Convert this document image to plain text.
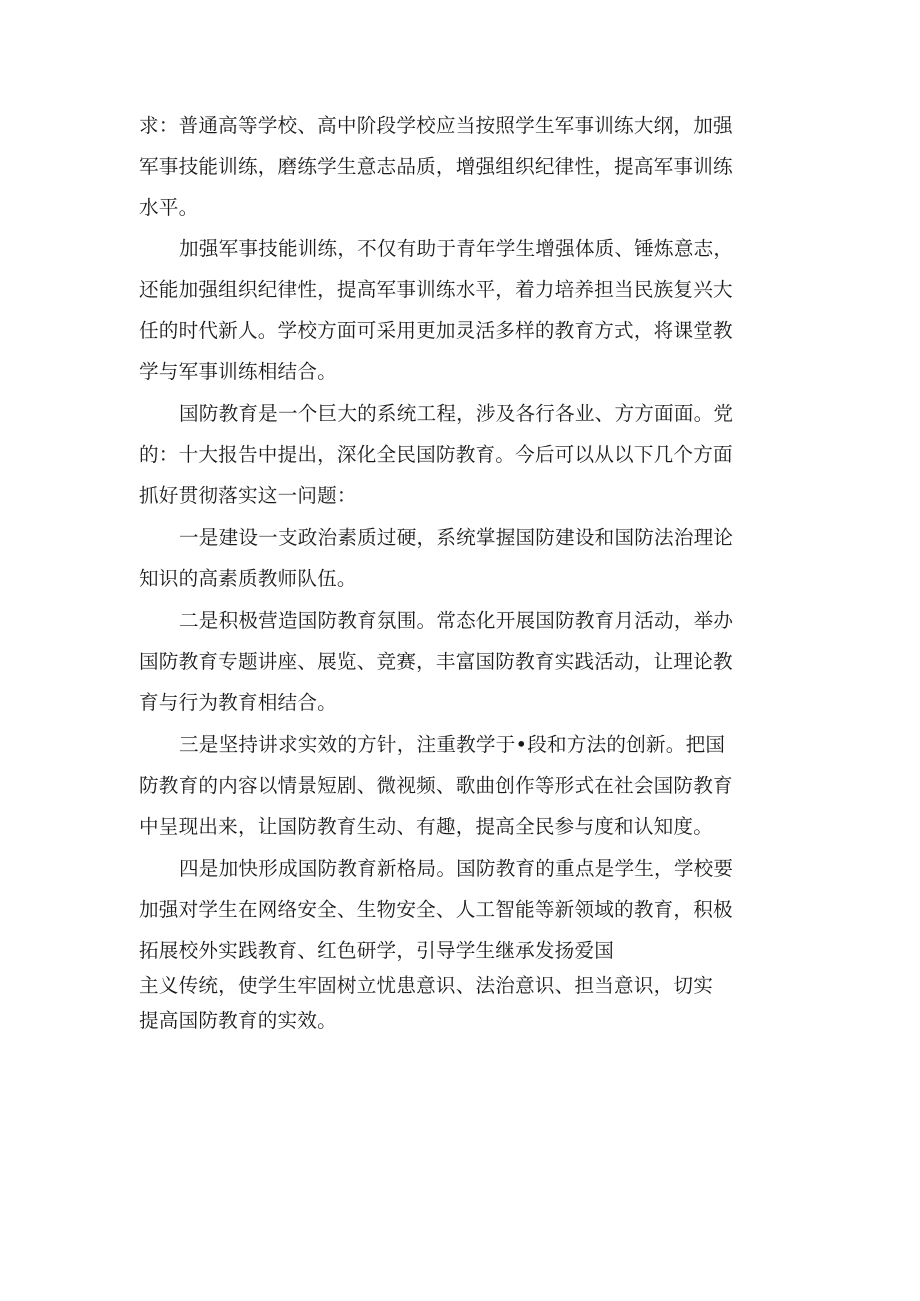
求：普通高等学校、高中阶段学校应当按照学生军事训练大纲，加强

军事技能训练，磨练学生意志品质，增强组织纪律性，提高军事训练

水平。

加强军事技能训练，不仅有助于青年学生增强体质、锤炼意志，

还能加强组织纪律性，提高军事训练水平，着力培养担当民族复兴大

任的时代新人。学校方面可采用更加灵活多样的教育方式，将课堂教

学与军事训练相结合。

国防教育是一个巨大的系统工程，涉及各行各业、方方面面。党

的：十大报告中提出，深化全民国防教育。今后可以从以下几个方面

抓好贯彻落实这一问题：

一是建设一支政治素质过硬，系统掌握国防建设和国防法治理论

知识的高素质教师队伍。

二是积极营造国防教育氛围。常态化开展国防教育月活动，举办

国防教育专题讲座、展览、竞赛，丰富国防教育实践活动，让理论教

育与行为教育相结合。

三是坚持讲求实效的方针，注重教学于•段和方法的创新。把国

防教育的内容以情景短剧、微视频、歌曲创作等形式在社会国防教育

中呈现出来，让国防教育生动、有趣，提高全民参与度和认知度。

四是加快形成国防教育新格局。国防教育的重点是学生，学校要

加强对学生在网络安全、生物安全、人工智能等新领域的教育，积极

拓展校外实践教育、红色研学，引导学生继承发扬爱国

主义传统，使学生牢固树立忧患意识、法治意识、担当意识，切实

提高国防教育的实效。
